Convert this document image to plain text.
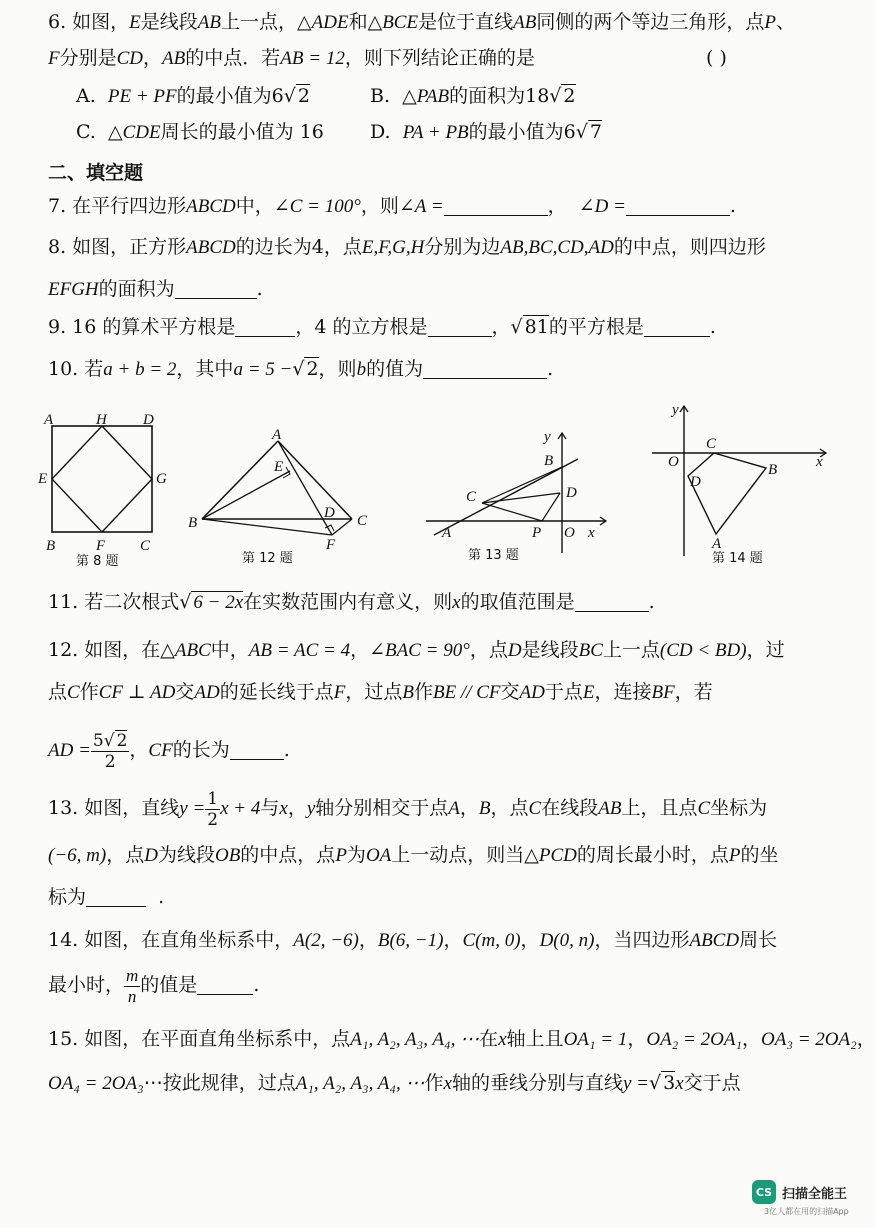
6. 如图，E是线段AB上一点，△ADE和△BCE是位于直线AB同侧的两个等边三角形，点P、
F分别是CD，AB的中点．若AB = 12，则下列结论正确的是	( )
A. PE + PF的最小值为6√ 2	B. △PAB的面积为18√ 2
C. △CDE周长的最小值为 16 D. PA + PB的最小值为6√ 7
二、填空题
7. 在平行四边形ABCD中，∠C = 100°，则∠A =	， ∠D =	.
8. 如图，正方形ABCD的边长为4，点E,F,G,H分别为边AB,BC,CD,AD的中点，则四边形
EFGH的面积为	.
9. 16 的算术平方根是	，4 的立方根是	，√ 81的平方根是	.
10. 若a + b = 2，其中a = 5 −√ 2，则b的值为	.
A	H D
E	G
B	F C
第 8 题
A
E
B
D C
F
第 12 题
y
B
C	D
A	P O x
第 13 题
y
C
O	x
D
B
A
第 14 题
11. 若二次根式√ 6 − 2x在实数范围内有意义，则x的取值范围是	.
12. 如图，在△ABC中，AB = AC = 4，∠BAC = 90°，点D是线段BC上一点(CD < BD)，过
点C作CF ⊥ AD交AD的延长线于点F，过点B作BE // CF交AD于点E，连接BF，若
AD = $\frac{5√ 2}{2}$ ，CF的长为	.
13. 如图，直线$y = \frac{1}{2}$ x + 4与x，y轴分别相交于点A，B，点C在线段AB上，且点C坐标为
(−6, m)，点D为线段OB的中点，点P为OA上一动点，则当△PCD的周长最小时，点P的坐
标为	.
14. 如图，在直角坐标系中，A(2, −6)，B(6, −1)，C(m, 0)，D(0, n)，当四边形ABCD周长
最小时， $\frac{m}{n}$ 的值是	.
15. 如图，在平面直角坐标系中，点A₁, A₂, A₃, A₄, ⋯在x轴上且OA₁ = 1，OA₂ = 2OA₁，OA₃ = 2OA₂，
OA₄ = 2OA₃⋯按此规律，过点A₁, A₂, A₃, A₄, ⋯作x轴的垂线分别与直线y =√ 3x交于点
CS 扫描全能王
3亿人都在用的扫描App
